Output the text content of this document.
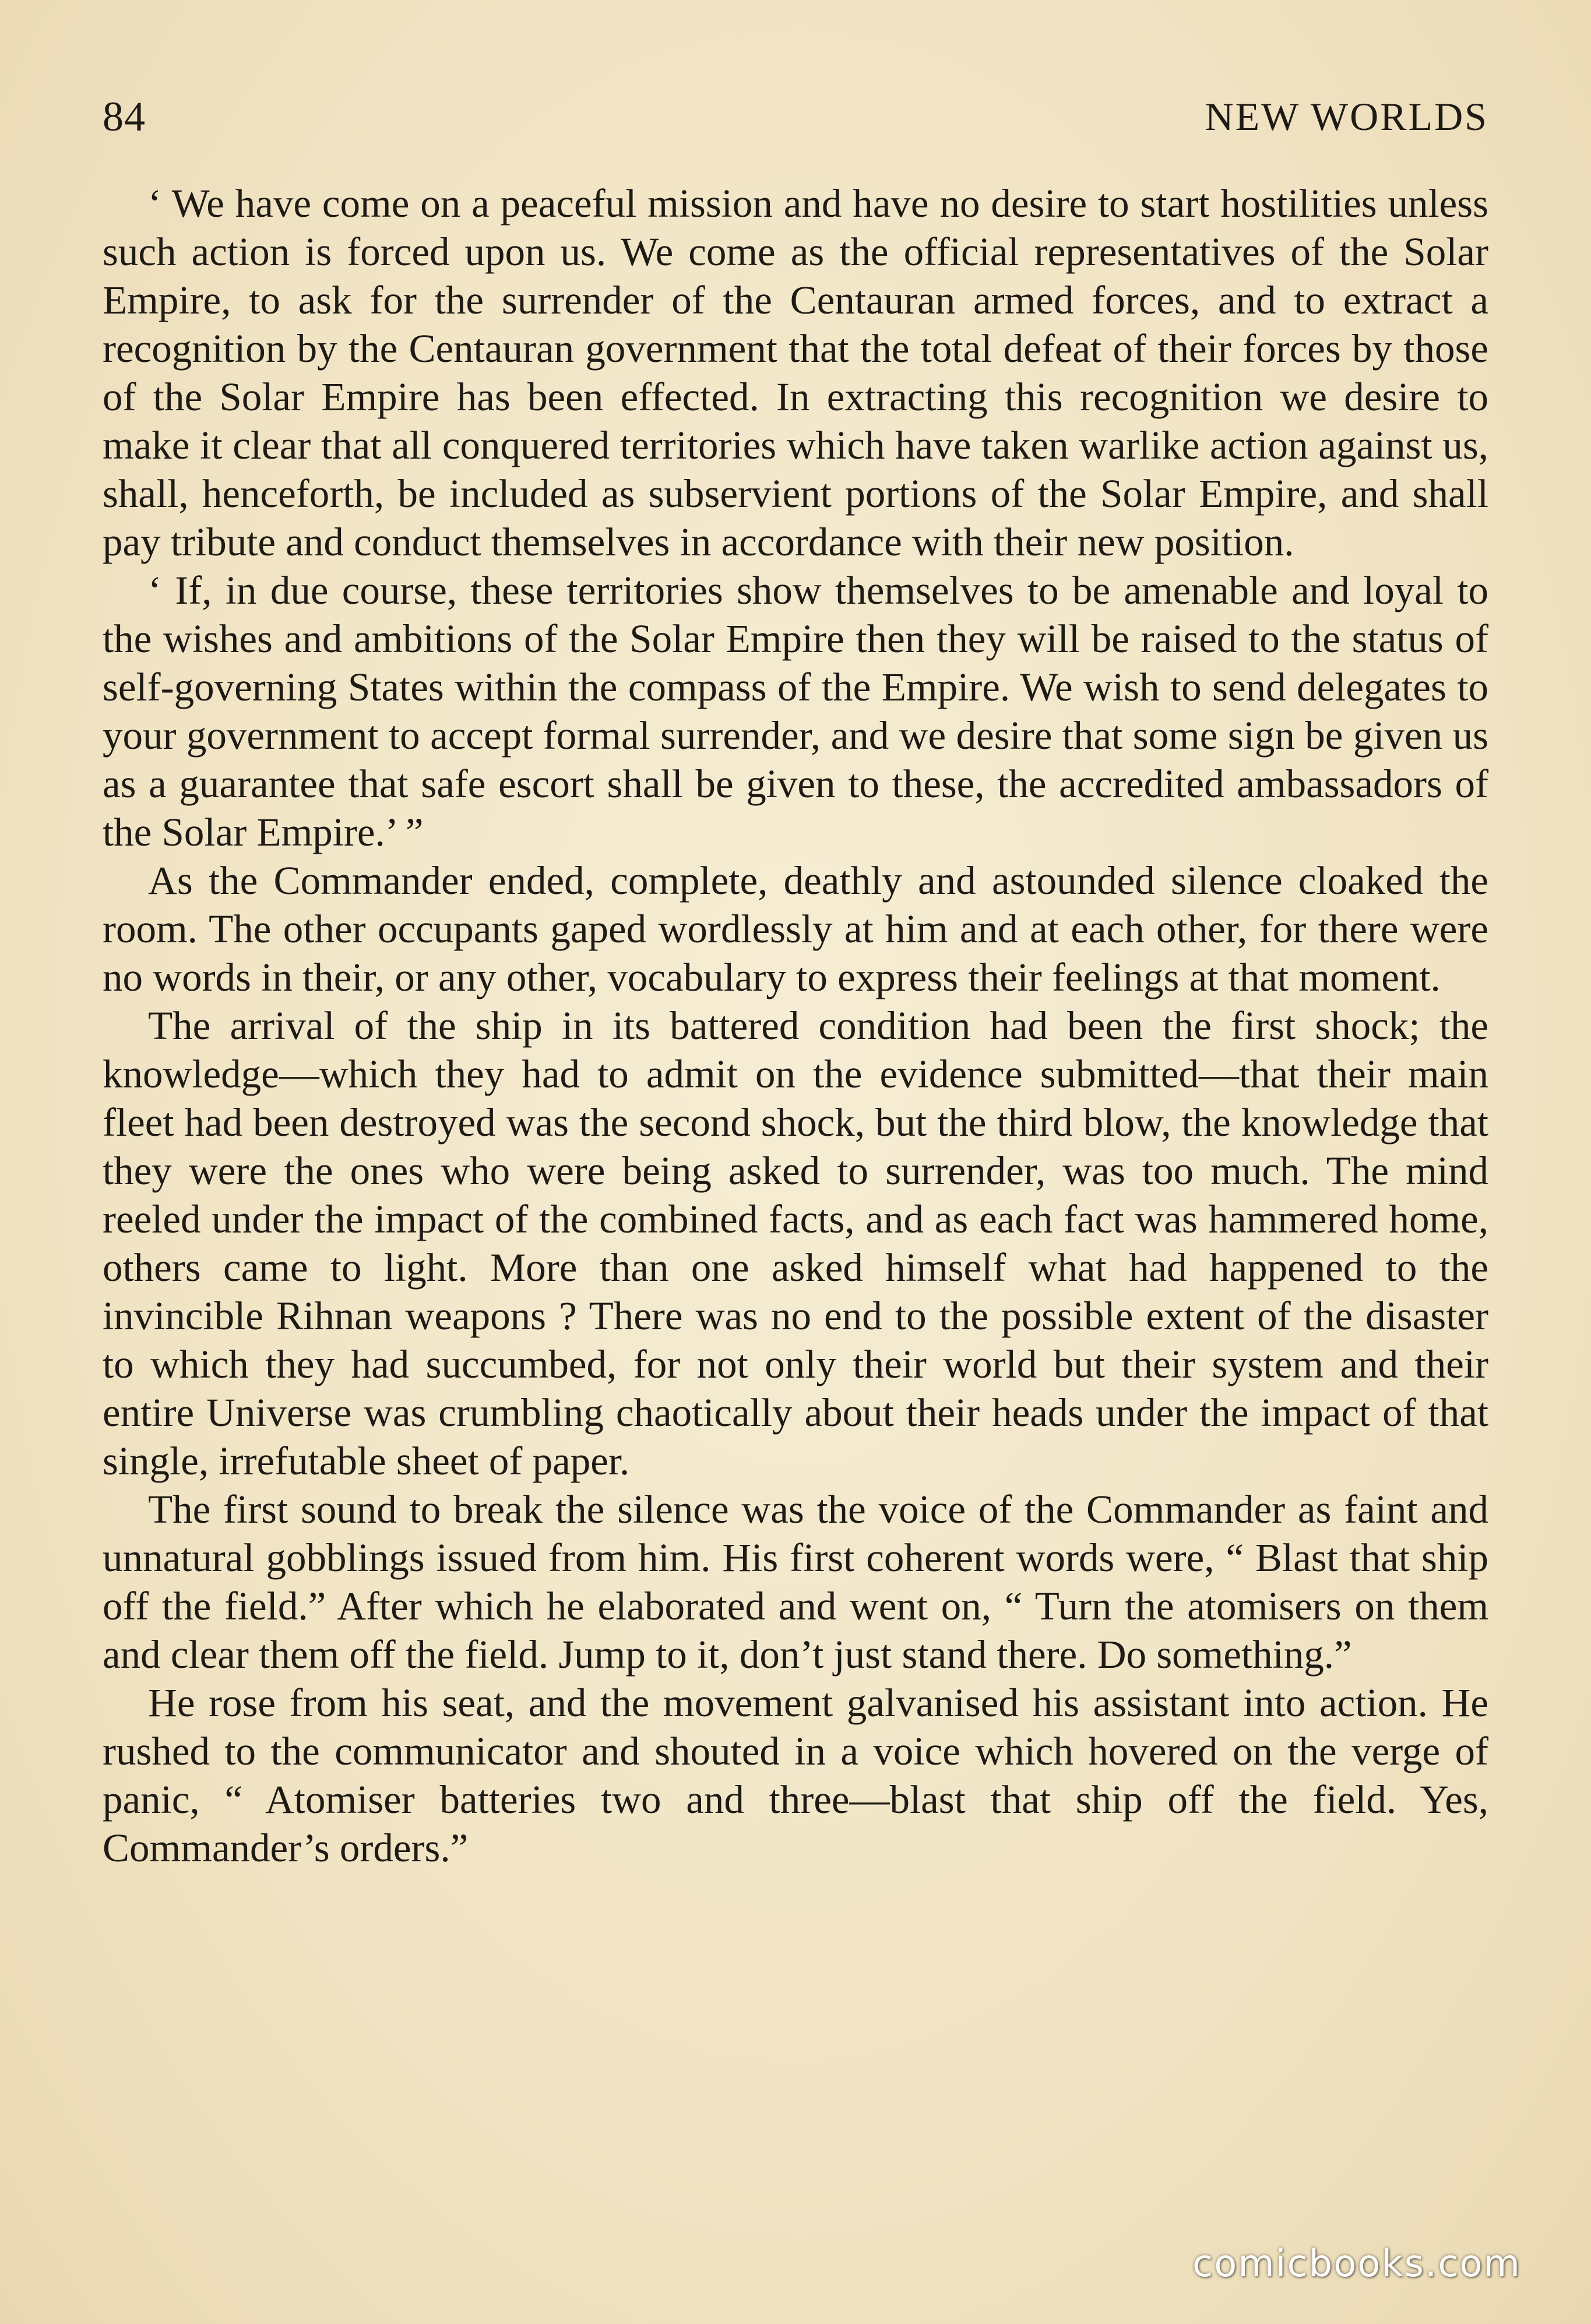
84	NEW WORLDS

‘ We have come on a peaceful mission and have no desire to start hostilities unless such action is forced upon us. We come as the official representatives of the Solar Empire, to ask for the surrender of the Centauran armed forces, and to extract a recognition by the Centauran government that the total defeat of their forces by those of the Solar Empire has been effected. In extracting this recognition we desire to make it clear that all conquered territories which have taken warlike action against us, shall, henceforth, be included as subservient portions of the Solar Empire, and shall pay tribute and conduct themselves in accordance with their new position.

‘ If, in due course, these territories show themselves to be amenable and loyal to the wishes and ambitions of the Solar Empire then they will be raised to the status of self-governing States within the compass of the Empire. We wish to send delegates to your government to accept formal surrender, and we desire that some sign be given us as a guarantee that safe escort shall be given to these, the accredited ambassadors of the Solar Empire.’ ”

As the Commander ended, complete, deathly and astounded silence cloaked the room. The other occupants gaped wordlessly at him and at each other, for there were no words in their, or any other, vocabulary to express their feelings at that moment.

The arrival of the ship in its battered condition had been the first shock; the knowledge—which they had to admit on the evidence submitted—that their main fleet had been destroyed was the second shock, but the third blow, the knowledge that they were the ones who were being asked to surrender, was too much. The mind reeled under the impact of the combined facts, and as each fact was hammered home, others came to light. More than one asked himself what had happened to the invincible Rihnan weapons ? There was no end to the possible extent of the disaster to which they had succumbed, for not only their world but their system and their entire Universe was crumbling chaotically about their heads under the impact of that single, irrefutable sheet of paper.

The first sound to break the silence was the voice of the Commander as faint and unnatural gobblings issued from him. His first coherent words were, “ Blast that ship off the field.” After which he elaborated and went on, “ Turn the atomisers on them and clear them off the field. Jump to it, don’t just stand there. Do something.”

He rose from his seat, and the movement galvanised his assistant into action. He rushed to the communicator and shouted in a voice which hovered on the verge of panic, “ Atomiser batteries two and three—blast that ship off the field. Yes, Commander’s orders.”

comicbooks.com
